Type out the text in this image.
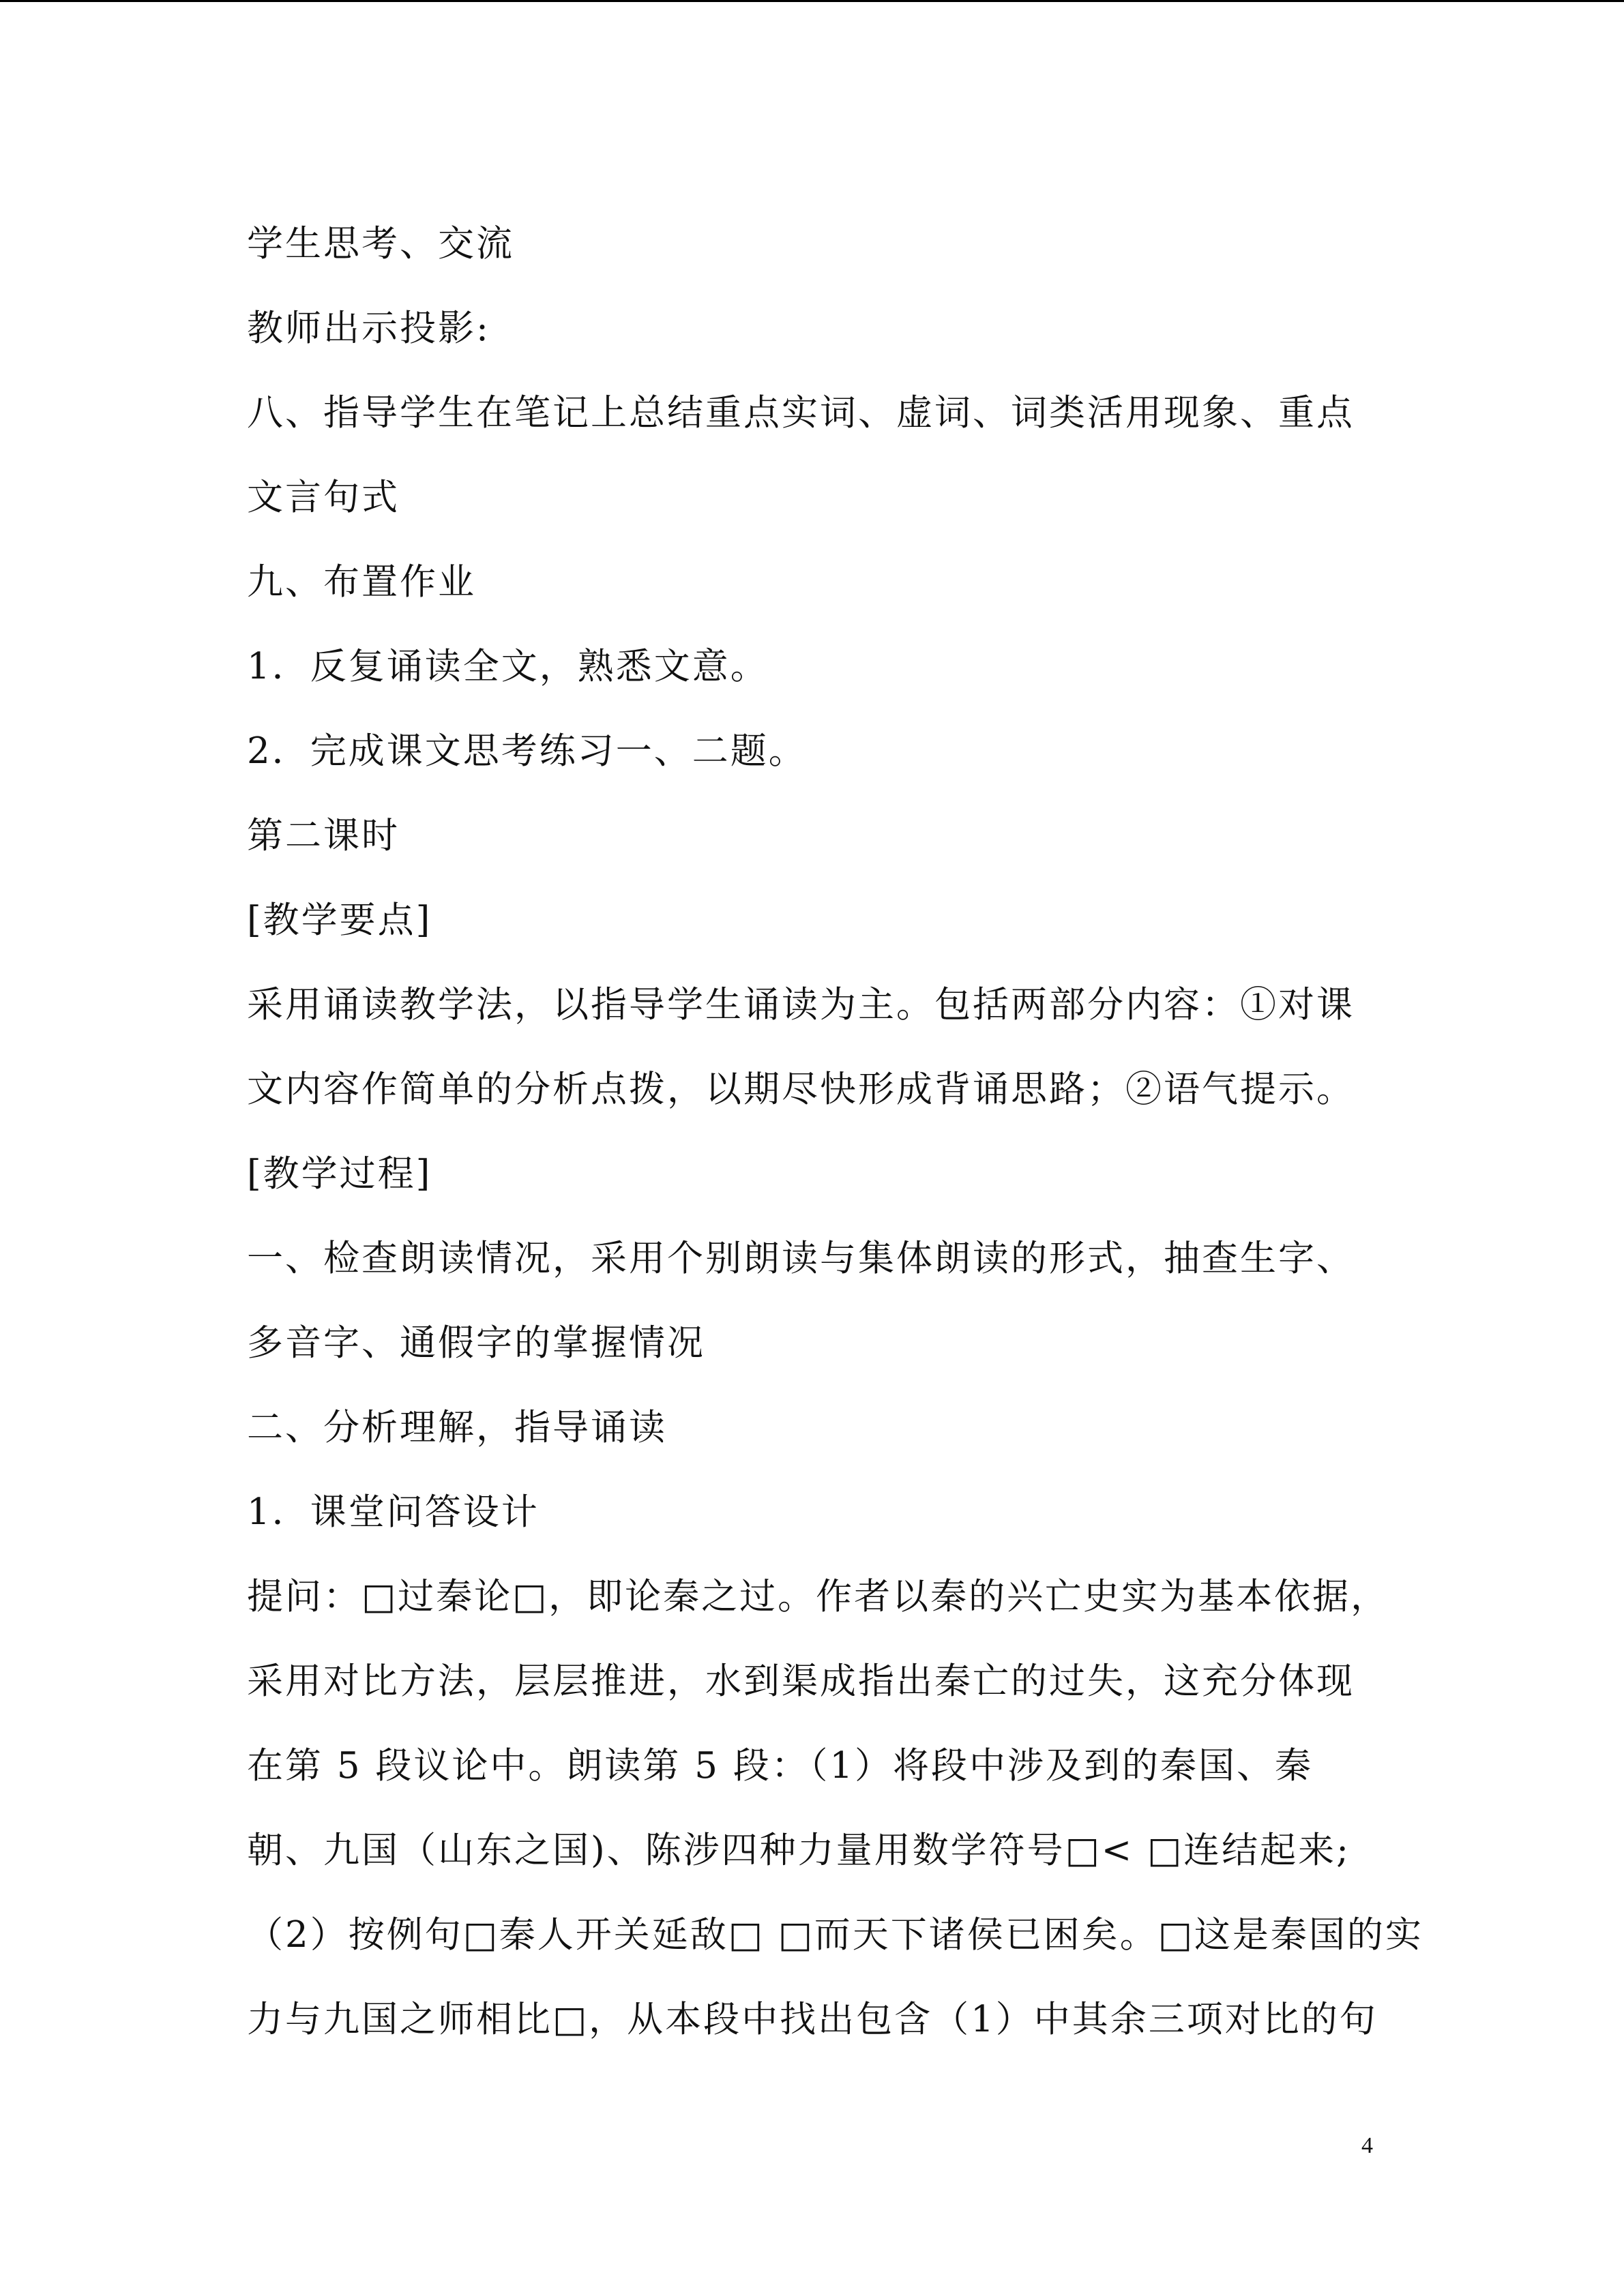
学生思考、交流
教师出示投影:
八、指导学生在笔记上总结重点实词、虚词、词类活用现象、重点
文言句式
九、布置作业
1．反复诵读全文，熟悉文意。
2．完成课文思考练习一、二题。
第二课时
[教学要点]
采用诵读教学法，以指导学生诵读为主。包括两部分内容：①对课
文内容作简单的分析点拨，以期尽快形成背诵思路；②语气提示。
[教学过程]
一、检查朗读情况，采用个别朗读与集体朗读的形式，抽查生字、
多音字、通假字的掌握情况
二、分析理解，指导诵读
1．课堂问答设计
提问：□过秦论□，即论秦之过。作者以秦的兴亡史实为基本依据，
采用对比方法，层层推进，水到渠成指出秦亡的过失，这充分体现
在第 5 段议论中。朗读第 5 段：（1）将段中涉及到的秦国、秦
朝、九国（山东之国)、陈涉四种力量用数学符号□< □连结起来;
（2）按例句□秦人开关延敌□ □而天下诸侯已困矣。□这是秦国的实
力与九国之师相比□，从本段中找出包含（1）中其余三项对比的句
4
